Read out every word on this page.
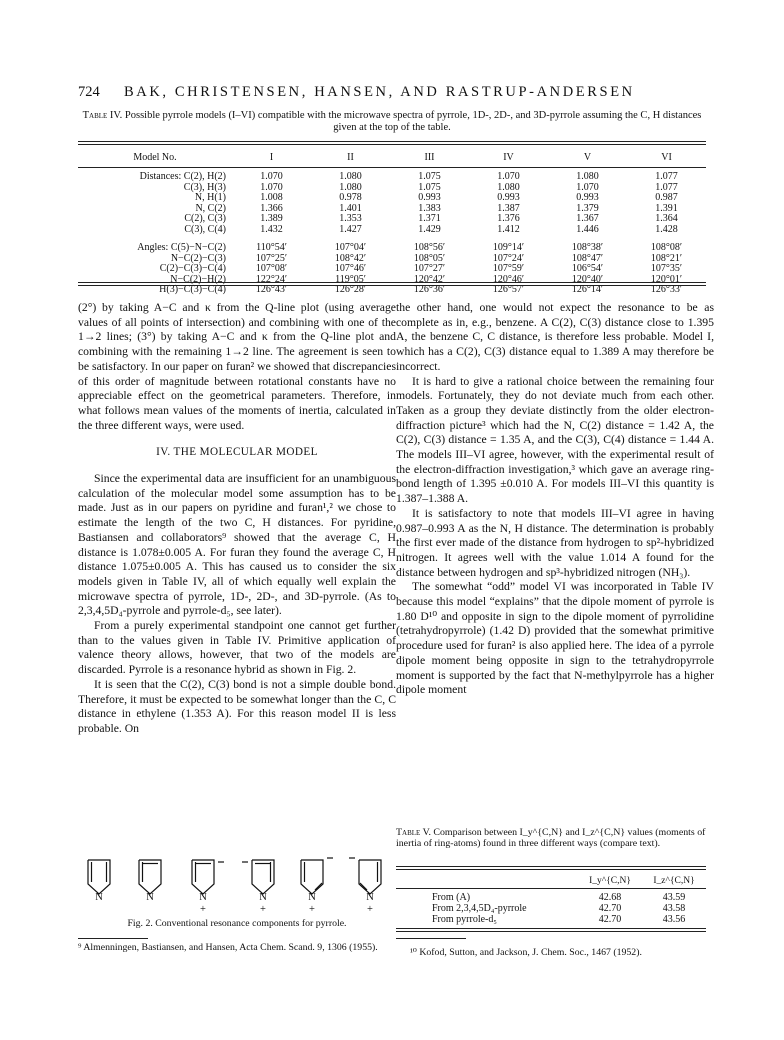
724 BAK, CHRISTENSEN, HANSEN, AND RASTRUP-ANDERSEN
Table IV. Possible pyrrole models (I–VI) compatible with the microwave spectra of pyrrole, 1D-, 2D-, and 3D-pyrrole assuming the C, H distances given at the top of the table.
Model No.	I	II	III	IV	V	VI

Distances: C(2), H(2)	1.070	1.080	1.075	1.070	1.080	1.077
C(3), H(3)	1.070	1.080	1.075	1.080	1.070	1.077
N, H(1)	1.008	0.978	0.993	0.993	0.993	0.987
N, C(2)	1.366	1.401	1.383	1.387	1.379	1.391
C(2), C(3)	1.389	1.353	1.371	1.376	1.367	1.364
C(3), C(4)	1.432	1.427	1.429	1.412	1.446	1.428

Angles: C(5)−N−C(2)	110°54′	107°04′	108°56′	109°14′	108°38′	108°08′
N−C(2)−C(3)	107°25′	108°42′	108°05′	107°24′	108°47′	108°21′
C(2)−C(3)−C(4)	107°08′	107°46′	107°27′	107°59′	106°54′	107°35′
N−C(2)−H(2)	122°24′	119°05′	120°42′	120°46′	120°40′	120°01′
H(3)−C(3)−C(4)	126°43′	126°28′	126°36′	126°57′	126°14′	126°33′

(2°) by taking A−C and κ from the Q-line plot (using average values of all points of intersection) and combining with one of the 1→2 lines; (3°) by taking A−C and κ from the Q-line plot and combining with the remaining 1→2 line. The agreement is seen to be satisfactory. In our paper on furan² we showed that discrepancies of this order of magnitude between rotational constants have no appreciable effect on the geometrical parameters. Therefore, in what follows mean values of the moments of inertia, calculated in the three different ways, were used.

IV. THE MOLECULAR MODEL

Since the experimental data are insufficient for an unambiguous calculation of the molecular model some assumption has to be made. Just as in our papers on pyridine and furan¹,² we chose to estimate the length of the two C, H distances. For pyridine, Bastiansen and collaborators⁹ showed that the average C, H distance is 1.078±0.005 A. For furan they found the average C, H distance 1.075±0.005 A. This has caused us to consider the six models given in Table IV, all of which equally well explain the microwave spectra of pyrrole, 1D-, 2D-, and 3D-pyrrole. (As to 2,3,4,5D₄-pyrrole and pyrrole-d₅, see later).

From a purely experimental standpoint one cannot get further than to the values given in Table IV. Primitive application of valence theory allows, however, that two of the models are discarded. Pyrrole is a resonance hybrid as shown in Fig. 2.

It is seen that the C(2), C(3) bond is not a simple double bond. Therefore, it must be expected to be somewhat longer than the C, C distance in ethylene (1.353 A). For this reason model II is less probable. On

N	N	N	N	N	N
+	+	+	+
Fig. 2. Conventional resonance components for pyrrole.
⁹ Almenningen, Bastiansen, and Hansen, Acta Chem. Scand. 9, 1306 (1955).

the other hand, one would not expect the resonance to be as complete as in, e.g., benzene. A C(2), C(3) distance close to 1.395 A, the benzene C, C distance, is therefore less probable. Model I, which has a C(2), C(3) distance equal to 1.389 A may therefore be incorrect.

It is hard to give a rational choice between the remaining four models. Fortunately, they do not deviate much from each other. Taken as a group they deviate distinctly from the older electron-diffraction picture³ which had the N, C(2) distance = 1.42 A, the C(2), C(3) distance = 1.35 A, and the C(3), C(4) distance = 1.44 A. The models III–VI agree, however, with the experimental result of the electron-diffraction investigation,³ which gave an average ring-bond length of 1.395 ±0.010 A. For models III–VI this quantity is 1.387–1.388 A.

It is satisfactory to note that models III–VI agree in having 0.987–0.993 A as the N, H distance. The determination is probably the first ever made of the distance from hydrogen to sp²-hybridized nitrogen. It agrees well with the value 1.014 A found for the distance between hydrogen and sp³-hybridized nitrogen (NH₃).

The somewhat “odd” model VI was incorporated in Table IV because this model “explains” that the dipole moment of pyrrole is 1.80 D¹⁰ and opposite in sign to the dipole moment of pyrrolidine (tetrahydropyrrole) (1.42 D) provided that the somewhat primitive procedure used for furan² is also applied here. The idea of a pyrrole dipole moment being opposite in sign to the tetrahydropyrrole moment is supported by the fact that N-methylpyrrole has a higher dipole moment

Table V. Comparison between I_y^{C,N} and I_z^{C,N} values (moments of inertia of ring-atoms) found in three different ways (compare text).
	I_y^{C,N}	I_z^{C,N}

From (A)	42.68	43.59
From 2,3,4,5D₄-pyrrole	42.70	43.58
From pyrrole-d₅	42.70	43.56
¹⁰ Kofod, Sutton, and Jackson, J. Chem. Soc., 1467 (1952).
